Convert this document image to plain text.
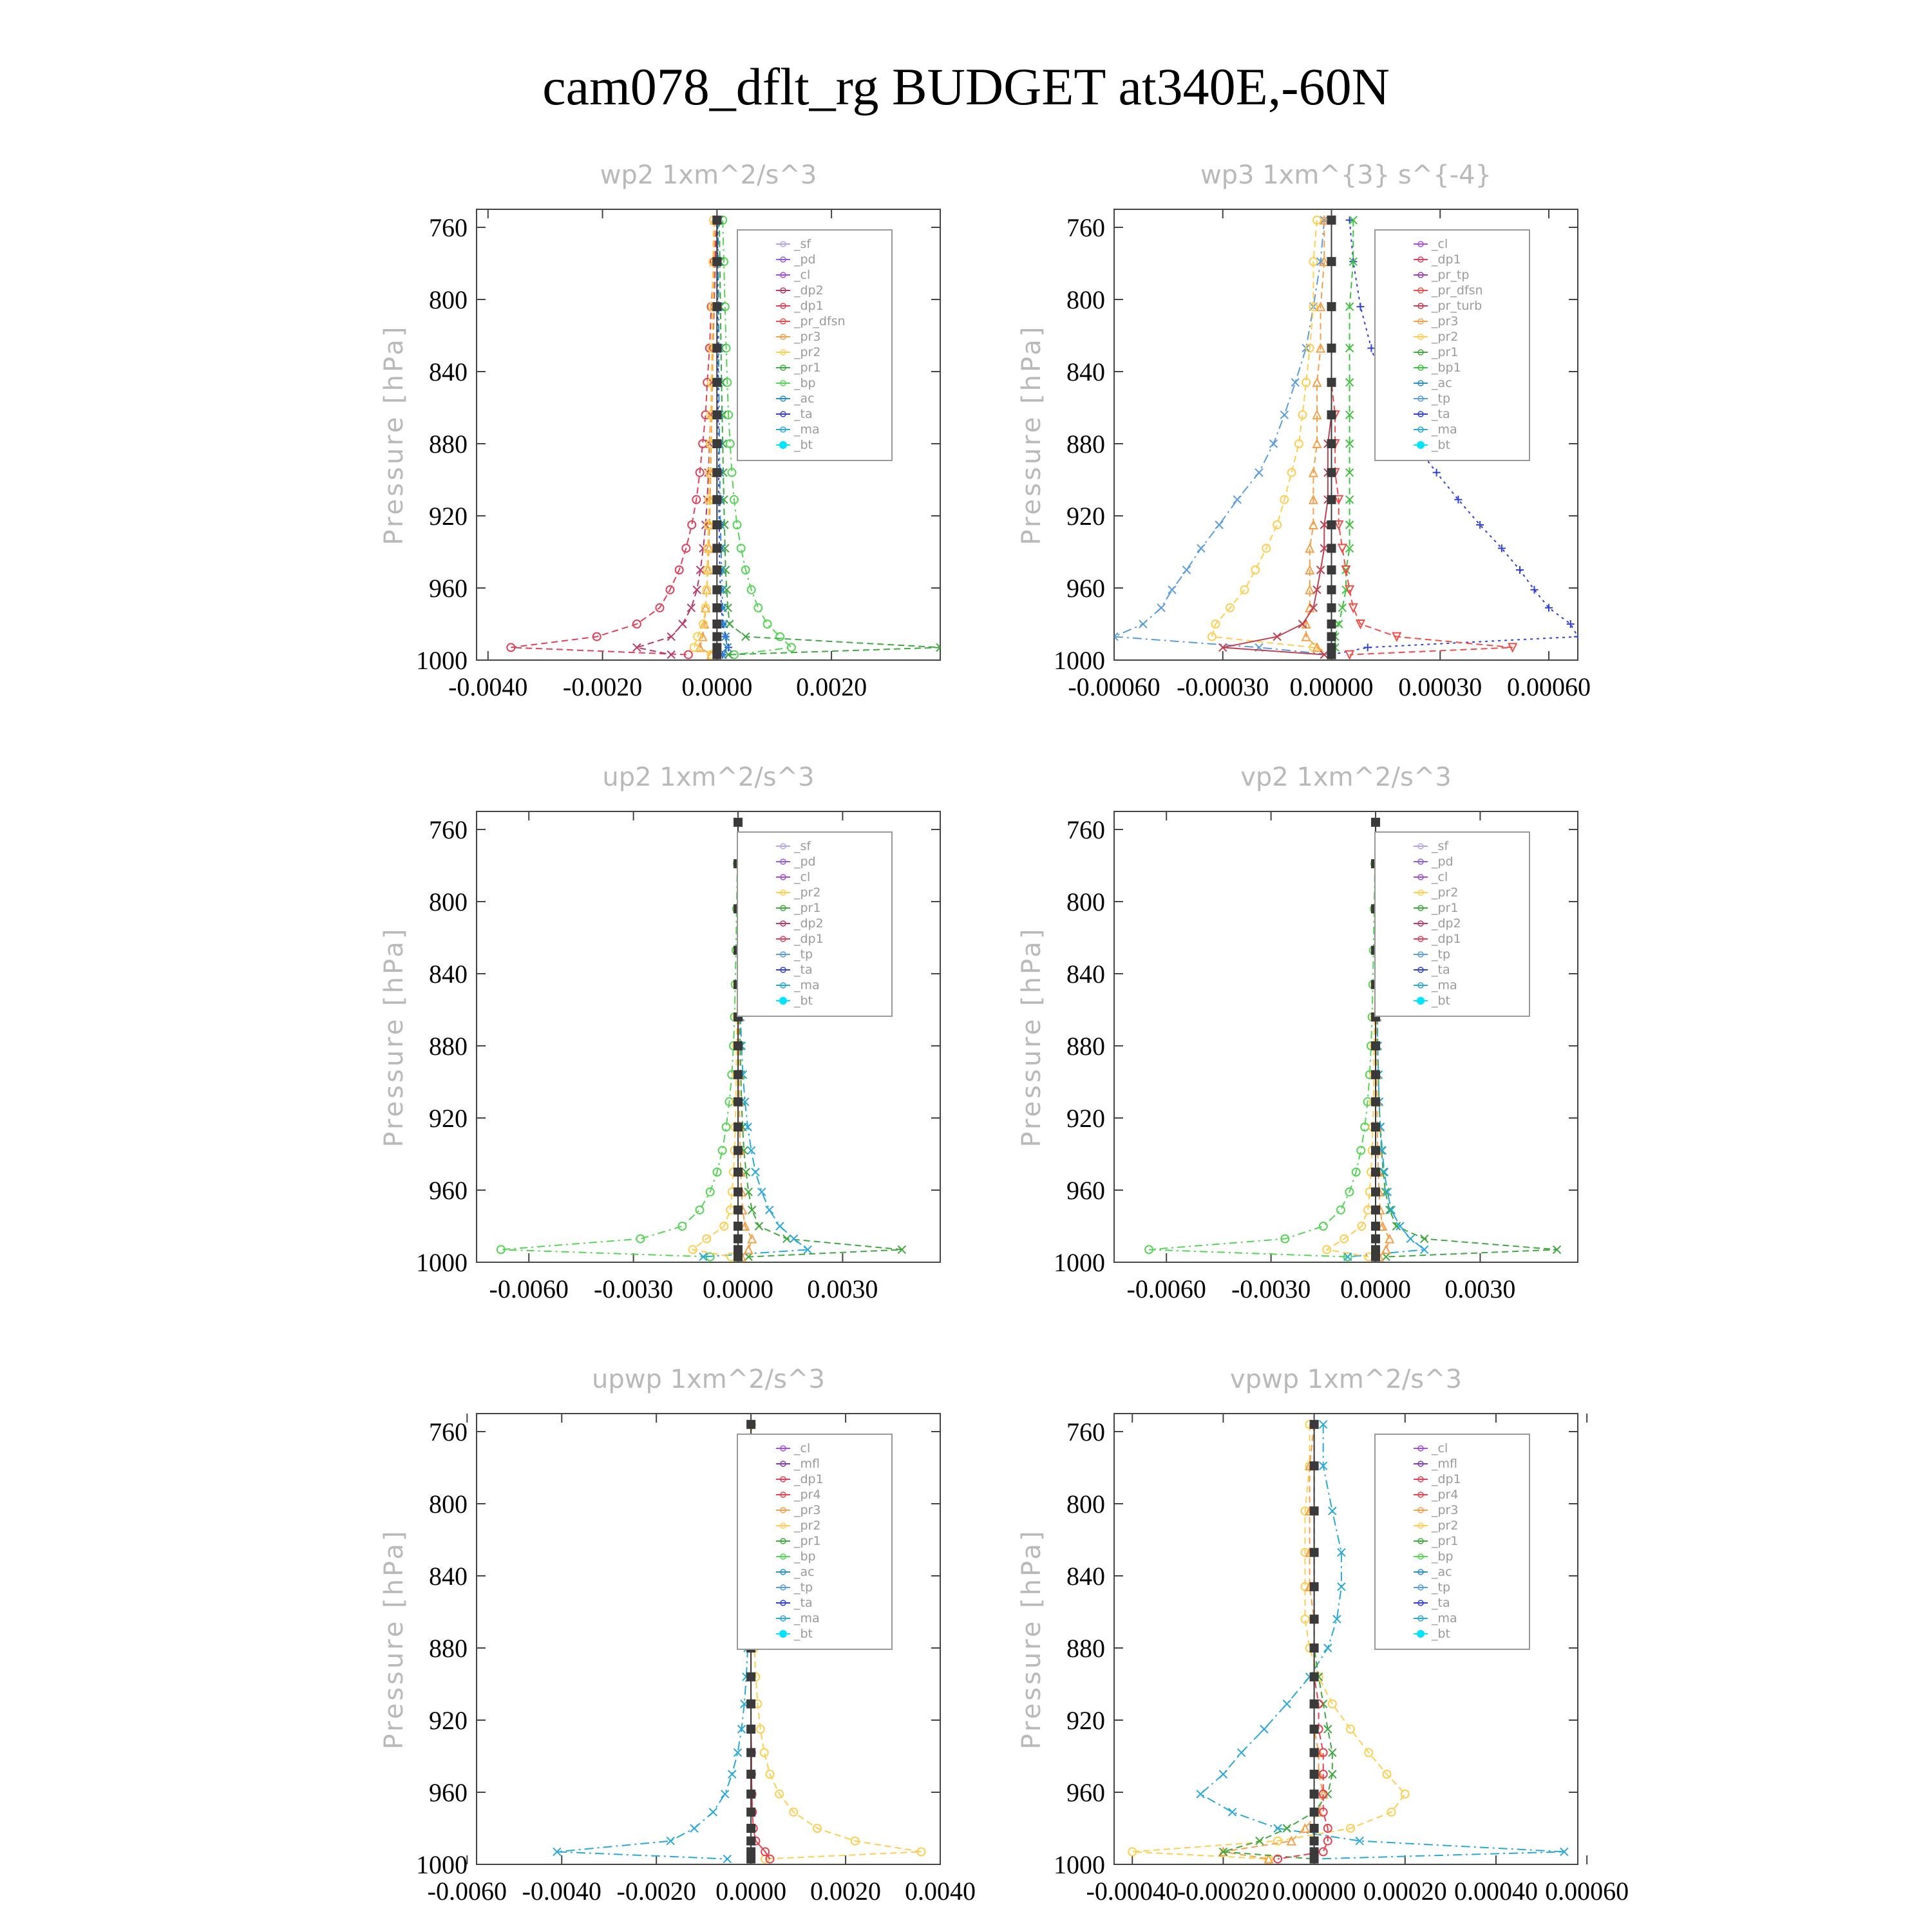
cam078_dflt_rg BUDGET at340E,-60N
wp2 1xm^2/s^3
Pressure [hPa]
760
800
840
880
920
960
1000
-0.0040 -0.0020 0.0000 0.0020
_sf
_pd
_cl
_dp2
_dp1
_pr_dfsn
_pr3
_pr2
_pr1
_bp
_ac
_ta
_ma
_bt
wp3 1xm^{3} s^{-4}
Pressure [hPa]
760
800
840
880
920
960
1000
-0.00060 -0.00030 0.00000 0.00030 0.00060
_cl
_dp1
_pr_tp
_pr_dfsn
_pr_turb
_pr3
_pr2
_pr1
_bp1
_ac
_tp
_ta
_ma
_bt
up2 1xm^2/s^3
Pressure [hPa]
760
800
840
880
920
960
1000
-0.0060 -0.0030 0.0000 0.0030
_sf
_pd
_cl
_pr2
_pr1
_dp2
_dp1
_tp
_ta
_ma
_bt
vp2 1xm^2/s^3
Pressure [hPa]
760
800
840
880
920
960
1000
-0.0060 -0.0030 0.0000 0.0030
_sf
_pd
_cl
_pr2
_pr1
_dp2
_dp1
_tp
_ta
_ma
_bt
upwp 1xm^2/s^3
Pressure [hPa]
760
800
840
880
920
960
1000
-0.0060 -0.0040 -0.0020 0.0000 0.0020 0.0040
_cl
_mfl
_dp1
_pr4
_pr3
_pr2
_pr1
_bp
_ac
_tp
_ta
_ma
_bt
vpwp 1xm^2/s^3
Pressure [hPa]
760
800
840
880
920
960
1000
-0.00040
-0.00020 0.00000 0.00020 0.00040 0.00060
_cl
_mfl
_dp1
_pr4
_pr3
_pr2
_pr1
_bp
_ac
_tp
_ta
_ma
_bt
